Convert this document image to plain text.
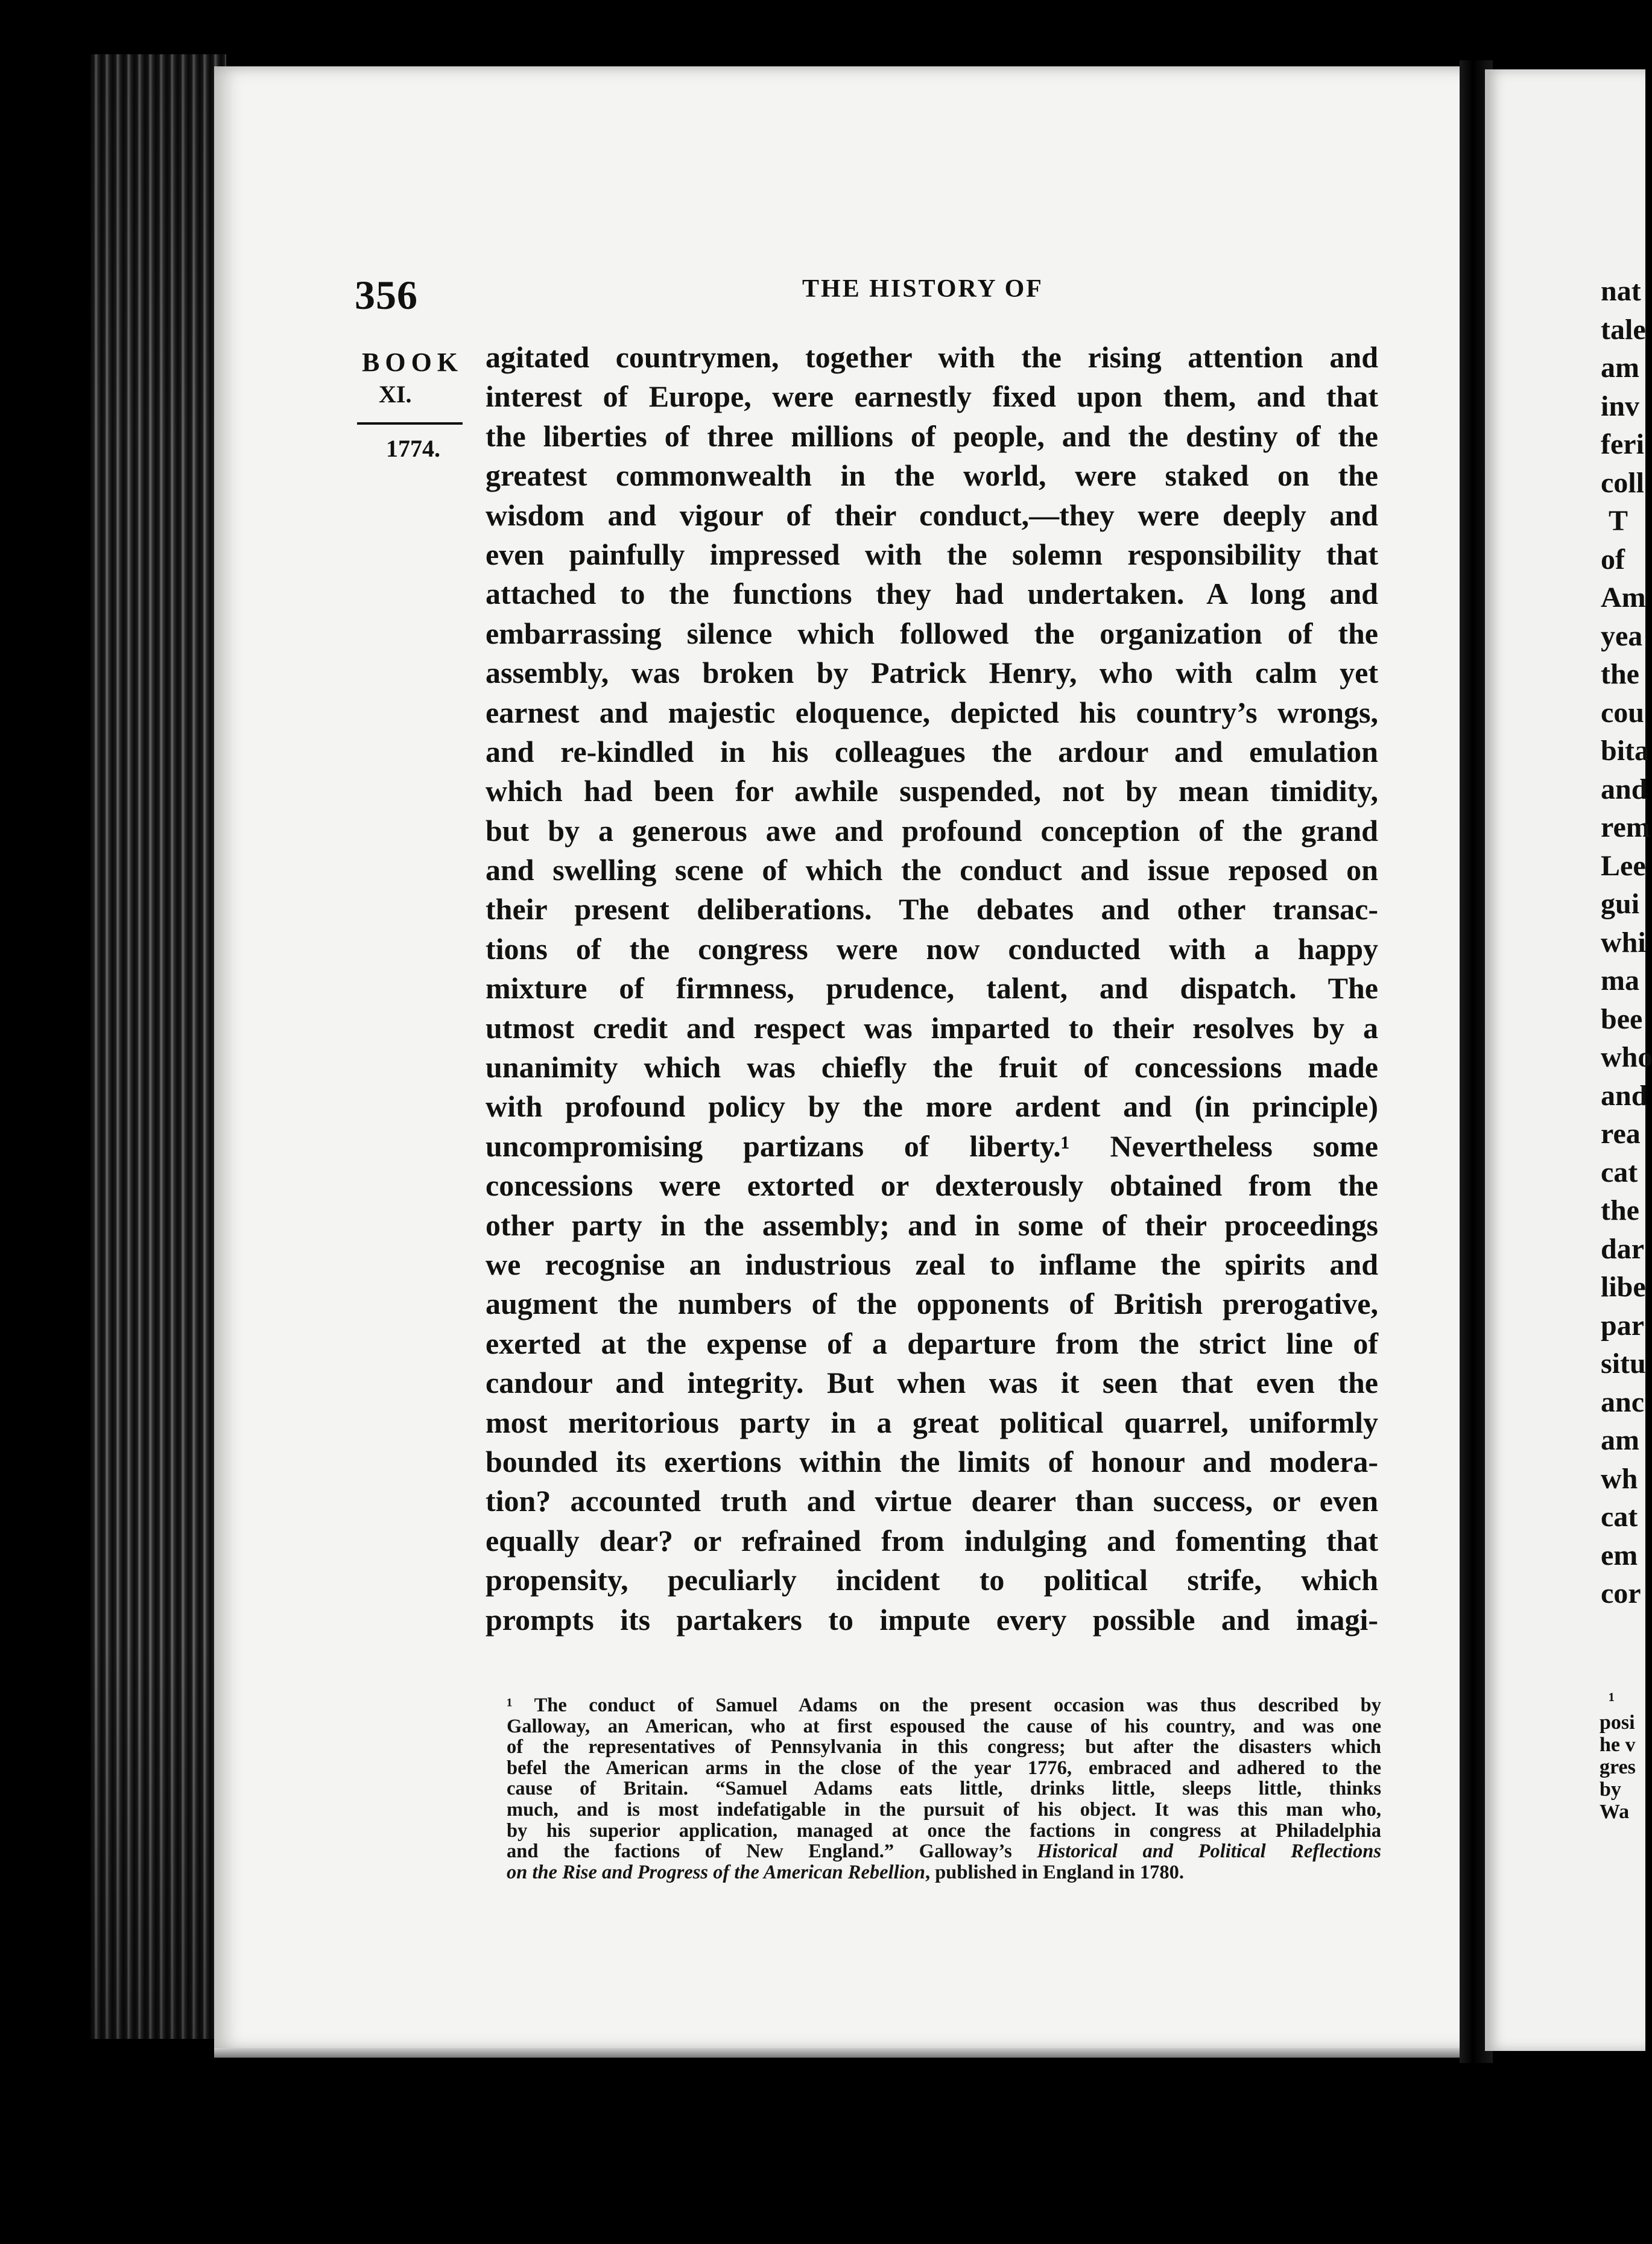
nat
tale
am
inv
feri
coll
T
of
Am
yea
the
cou
bita
and
rem
Lee
gui
whi
ma
bee
who
and
rea
cat
the
dar
libe
par
situ
anc
am
wh
cat
em
cor
¹
posi
he v
gres
by
Wa
356	THE HISTORY OF
BOOK
XI.
1774.
agitated countrymen, together with the rising attention and
interest of Europe, were earnestly fixed upon them, and that
the liberties of three millions of people, and the destiny of the
greatest commonwealth in the world, were staked on the
wisdom and vigour of their conduct,—they were deeply and
even painfully impressed with the solemn responsibility that
attached to the functions they had undertaken. A long and
embarrassing silence which followed the organization of the
assembly, was broken by Patrick Henry, who with calm yet
earnest and majestic eloquence, depicted his country’s wrongs,
and re-kindled in his colleagues the ardour and emulation
which had been for awhile suspended, not by mean timidity,
but by a generous awe and profound conception of the grand
and swelling scene of which the conduct and issue reposed on
their present deliberations. The debates and other transac-
tions of the congress were now conducted with a happy
mixture of firmness, prudence, talent, and dispatch. The
utmost credit and respect was imparted to their resolves by a
unanimity which was chiefly the fruit of concessions made
with profound policy by the more ardent and (in principle)
uncompromising partizans of liberty.¹ Nevertheless some
concessions were extorted or dexterously obtained from the
other party in the assembly; and in some of their proceedings
we recognise an industrious zeal to inflame the spirits and
augment the numbers of the opponents of British prerogative,
exerted at the expense of a departure from the strict line of
candour and integrity. But when was it seen that even the
most meritorious party in a great political quarrel, uniformly
bounded its exertions within the limits of honour and modera-
tion? accounted truth and virtue dearer than success, or even
equally dear? or refrained from indulging and fomenting that
propensity, peculiarly incident to political strife, which
prompts its partakers to impute every possible and imagi-
¹ The conduct of Samuel Adams on the present occasion was thus described by
Galloway, an American, who at first espoused the cause of his country, and was one
of the representatives of Pennsylvania in this congress; but after the disasters which
befel the American arms in the close of the year 1776, embraced and adhered to the
cause of Britain. “Samuel Adams eats little, drinks little, sleeps little, thinks
much, and is most indefatigable in the pursuit of his object. It was this man who,
by his superior application, managed at once the factions in congress at Philadelphia
and the factions of New England.” Galloway’s Historical and Political Reflections
on the Rise and Progress of the American Rebellion, published in England in 1780.
